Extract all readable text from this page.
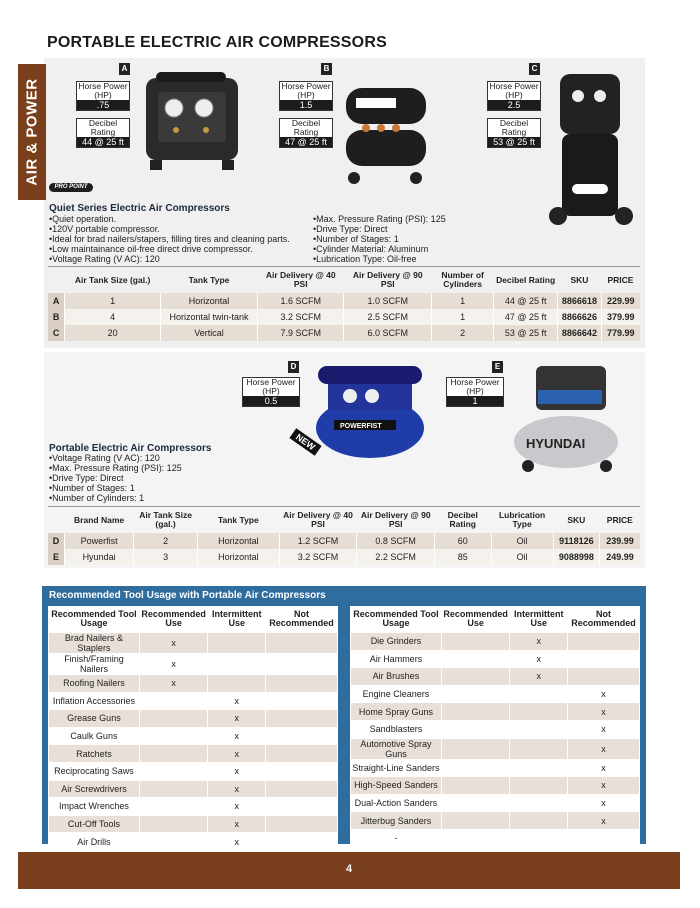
PORTABLE ELECTRIC AIR COMPRESSORS
AIR & POWER
A
Horse Power (HP)
.75
Decibel Rating
44 @ 25 ft
PRO POINT
B
Horse Power (HP)
1.5
Decibel Rating
47 @ 25 ft
C
Horse Power (HP)
2.5
Decibel Rating
53 @ 25 ft
Quiet Series Electric Air Compressors
•Quiet operation.
•120V portable compressor.
•Ideal for brad nailers/stapers, filling tires and cleaning parts.
•Low maintainance oil-free direct drive compressor.
•Voltage Rating (V AC): 120
•Max. Pressure Rating (PSI): 125
•Drive Type: Direct
•Number of Stages: 1
•Cylinder Material: Aluminum
•Lubrication Type: Oil-free
	Air Tank Size (gal.)	Tank Type	Air Delivery @ 40 PSI	Air Delivery @ 90 PSI	Number of Cylinders	Decibel Rating	SKU	PRICE
A	1	Horizontal	1.6 SCFM	1.0 SCFM	1	44 @ 25 ft	8866618	229.99
B	4	Horizontal twin-tank	3.2 SCFM	2.5 SCFM	1	47 @ 25 ft	8866626	379.99
C	20	Vertical	7.9 SCFM	6.0 SCFM	2	53 @ 25 ft	8866642	779.99
D
Horse Power (HP)
0.5
POWERFIST
NEW
E
Horse Power (HP)
1
HYUNDAI
Portable Electric Air Compressors
•Voltage Rating (V AC): 120
•Max. Pressure Rating (PSI): 125
•Drive Type: Direct
•Number of Stages: 1
•Number of Cylinders: 1
	Brand Name	Air Tank Size (gal.)	Tank Type	Air Delivery @ 40 PSI	Air Delivery @ 90 PSI	Decibel Rating	Lubrication Type	SKU	PRICE
D	Powerfist	2	Horizontal	1.2 SCFM	0.8 SCFM	60	Oil	9118126	239.99
E	Hyundai	3	Horizontal	3.2 SCFM	2.2 SCFM	85	Oil	9088998	249.99
Recommended Tool Usage with Portable Air Compressors
Recommended Tool Usage	Recommended Use	Intermittent Use	Not Recommended
Brad Nailers & Staplers	x		
Finish/Framing Nailers	x		
Roofing Nailers	x		
Inflation Accessories		x	
Grease Guns		x	
Caulk Guns		x	
Ratchets		x	
Reciprocating Saws		x	
Air Screwdrivers		x	
Impact Wrenches		x	
Cut-Off Tools		x	
Air Drills		x	
Recommended Tool Usage	Recommended Use	Intermittent Use	Not Recommended
Die Grinders		x	
Air Hammers		x	
Air Brushes		x	
Engine Cleaners			x
Home Spray Guns			x
Sandblasters			x
Automotive Spray Guns			x
Straight-Line Sanders			x
High-Speed Sanders			x
Dual-Action Sanders			x
Jitterbug Sanders			x
-			
4
